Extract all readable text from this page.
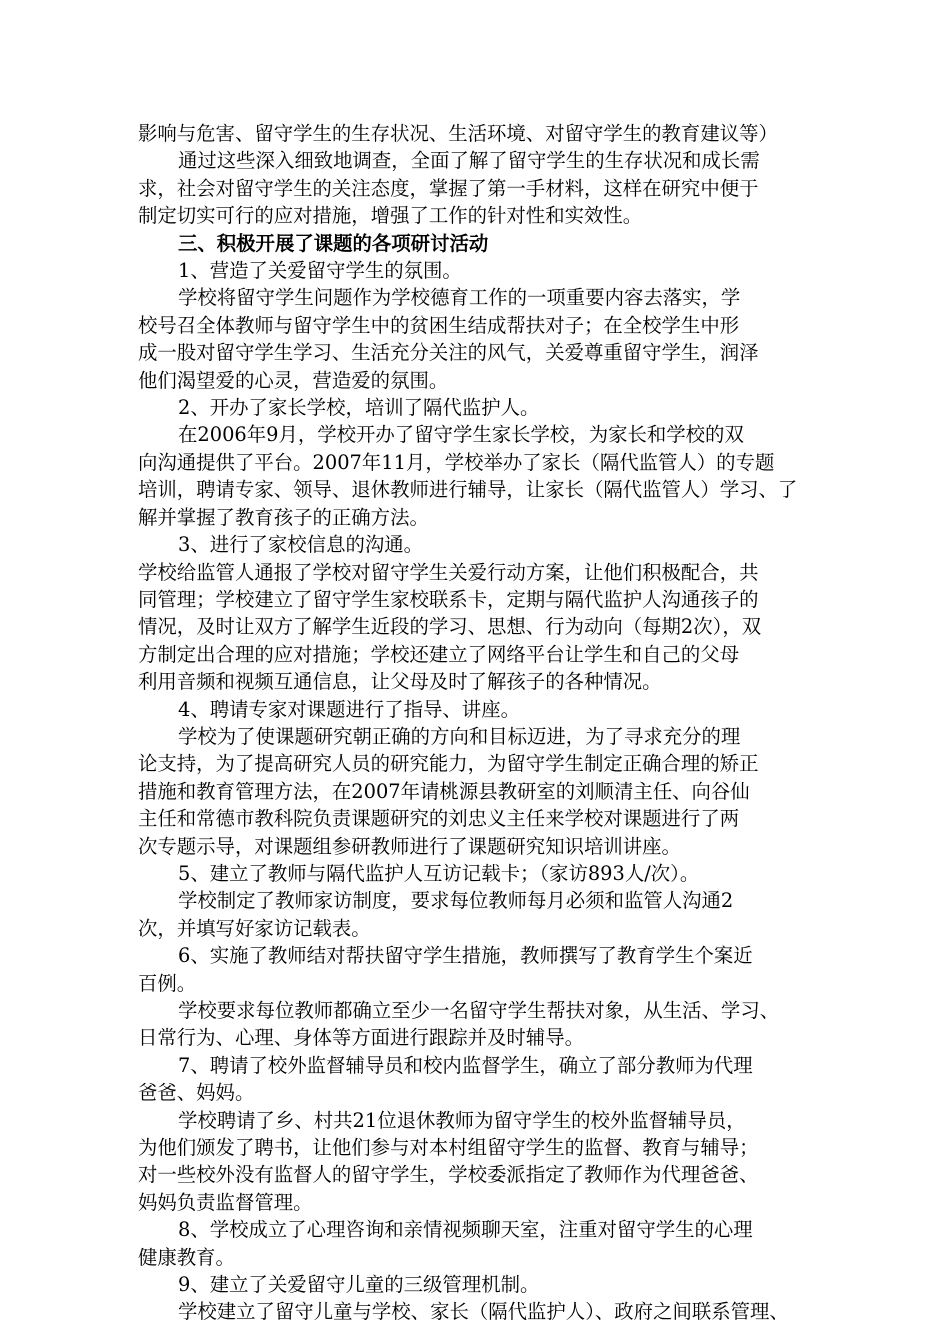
影响与危害、留守学生的生存状况、生活环境、对留守学生的教育建议等）

通过这些深入细致地调查，全面了解了留守学生的生存状况和成长需

求，社会对留守学生的关注态度，掌握了第一手材料，这样在研究中便于

制定切实可行的应对措施，增强了工作的针对性和实效性。

三、积极开展了课题的各项研讨活动

1、营造了关爱留守学生的氛围。

学校将留守学生问题作为学校德育工作的一项重要内容去落实，学

校号召全体教师与留守学生中的贫困生结成帮扶对子；在全校学生中形

成一股对留守学生学习、生活充分关注的风气，关爱尊重留守学生，润泽

他们渴望爱的心灵，营造爱的氛围。

2、开办了家长学校，培训了隔代监护人。

在2006年9月，学校开办了留守学生家长学校，为家长和学校的双

向沟通提供了平台。2007年11月，学校举办了家长（隔代监管人）的专题

培训，聘请专家、领导、退休教师进行辅导，让家长（隔代监管人）学习、了

解并掌握了教育孩子的正确方法。

3、进行了家校信息的沟通。

学校给监管人通报了学校对留守学生关爱行动方案，让他们积极配合，共

同管理；学校建立了留守学生家校联系卡，定期与隔代监护人沟通孩子的

情况，及时让双方了解学生近段的学习、思想、行为动向（每期2次），双

方制定出合理的应对措施；学校还建立了网络平台让学生和自己的父母

利用音频和视频互通信息，让父母及时了解孩子的各种情况。

4、聘请专家对课题进行了指导、讲座。

学校为了使课题研究朝正确的方向和目标迈进，为了寻求充分的理

论支持，为了提高研究人员的研究能力，为留守学生制定正确合理的矫正

措施和教育管理方法，在2007年请桃源县教研室的刘顺清主任、向谷仙

主任和常德市教科院负责课题研究的刘忠义主任来学校对课题进行了两

次专题示导，对课题组参研教师进行了课题研究知识培训讲座。

5、建立了教师与隔代监护人互访记载卡；（家访893人/次）。

学校制定了教师家访制度，要求每位教师每月必须和监管人沟通2

次，并填写好家访记载表。

6、实施了教师结对帮扶留守学生措施，教师撰写了教育学生个案近

百例。

学校要求每位教师都确立至少一名留守学生帮扶对象，从生活、学习、

日常行为、心理、身体等方面进行跟踪并及时辅导。

7、聘请了校外监督辅导员和校内监督学生，确立了部分教师为代理

爸爸、妈妈。

学校聘请了乡、村共21位退休教师为留守学生的校外监督辅导员，

为他们颁发了聘书，让他们参与对本村组留守学生的监督、教育与辅导；

对一些校外没有监督人的留守学生，学校委派指定了教师作为代理爸爸、

妈妈负责监督管理。

8、学校成立了心理咨询和亲情视频聊天室，注重对留守学生的心理

健康教育。

9、建立了关爱留守儿童的三级管理机制。

学校建立了留守儿童与学校、家长（隔代监护人）、政府之间联系管理、
